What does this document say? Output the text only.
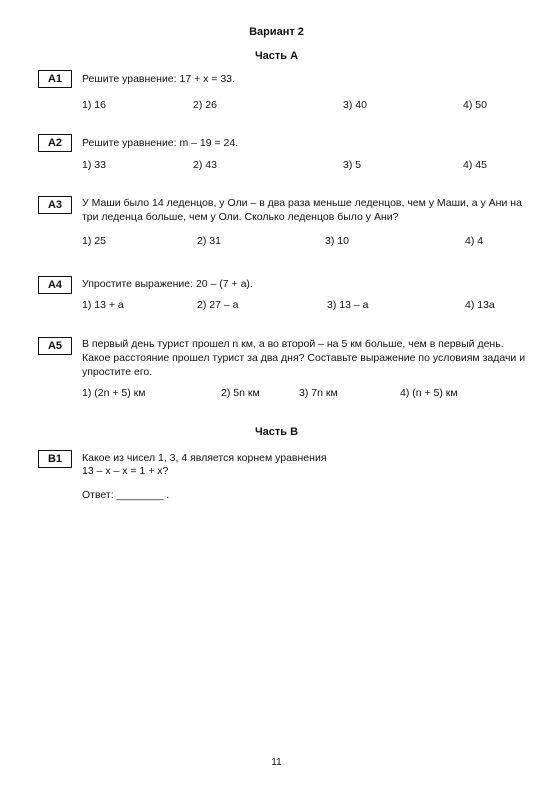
Вариант 2
Часть А
A1	Решите уравнение: 17 + x = 33.
1) 16	2) 26	3) 40	4) 50
A2	Решите уравнение: m – 19 = 24.
1) 33	2) 43	3) 5	4) 45
A3	У Маши было 14 леденцов, у Оли – в два раза меньше леденцов, чем у Маши, а у Ани на три леденца больше, чем у Оли. Сколько леденцов было у Ани?
1) 25	2) 31	3) 10	4) 4
A4	Упростите выражение: 20 – (7 + a).
1) 13 + a	2) 27 – a	3) 13 – a	4) 13a
A5	В первый день турист прошел n км, а во второй – на 5 км больше, чем в первый день. Какое расстояние прошел турист за два дня? Составьте выражение по условиям задачи и упростите его.
1) (2n + 5) км	2) 5n км	3) 7n км	4) (n + 5) км
Часть В
B1	Какое из чисел 1, 3, 4 является корнем уравнения
13 – x – x = 1 + x?
Ответ: ________ .
11
